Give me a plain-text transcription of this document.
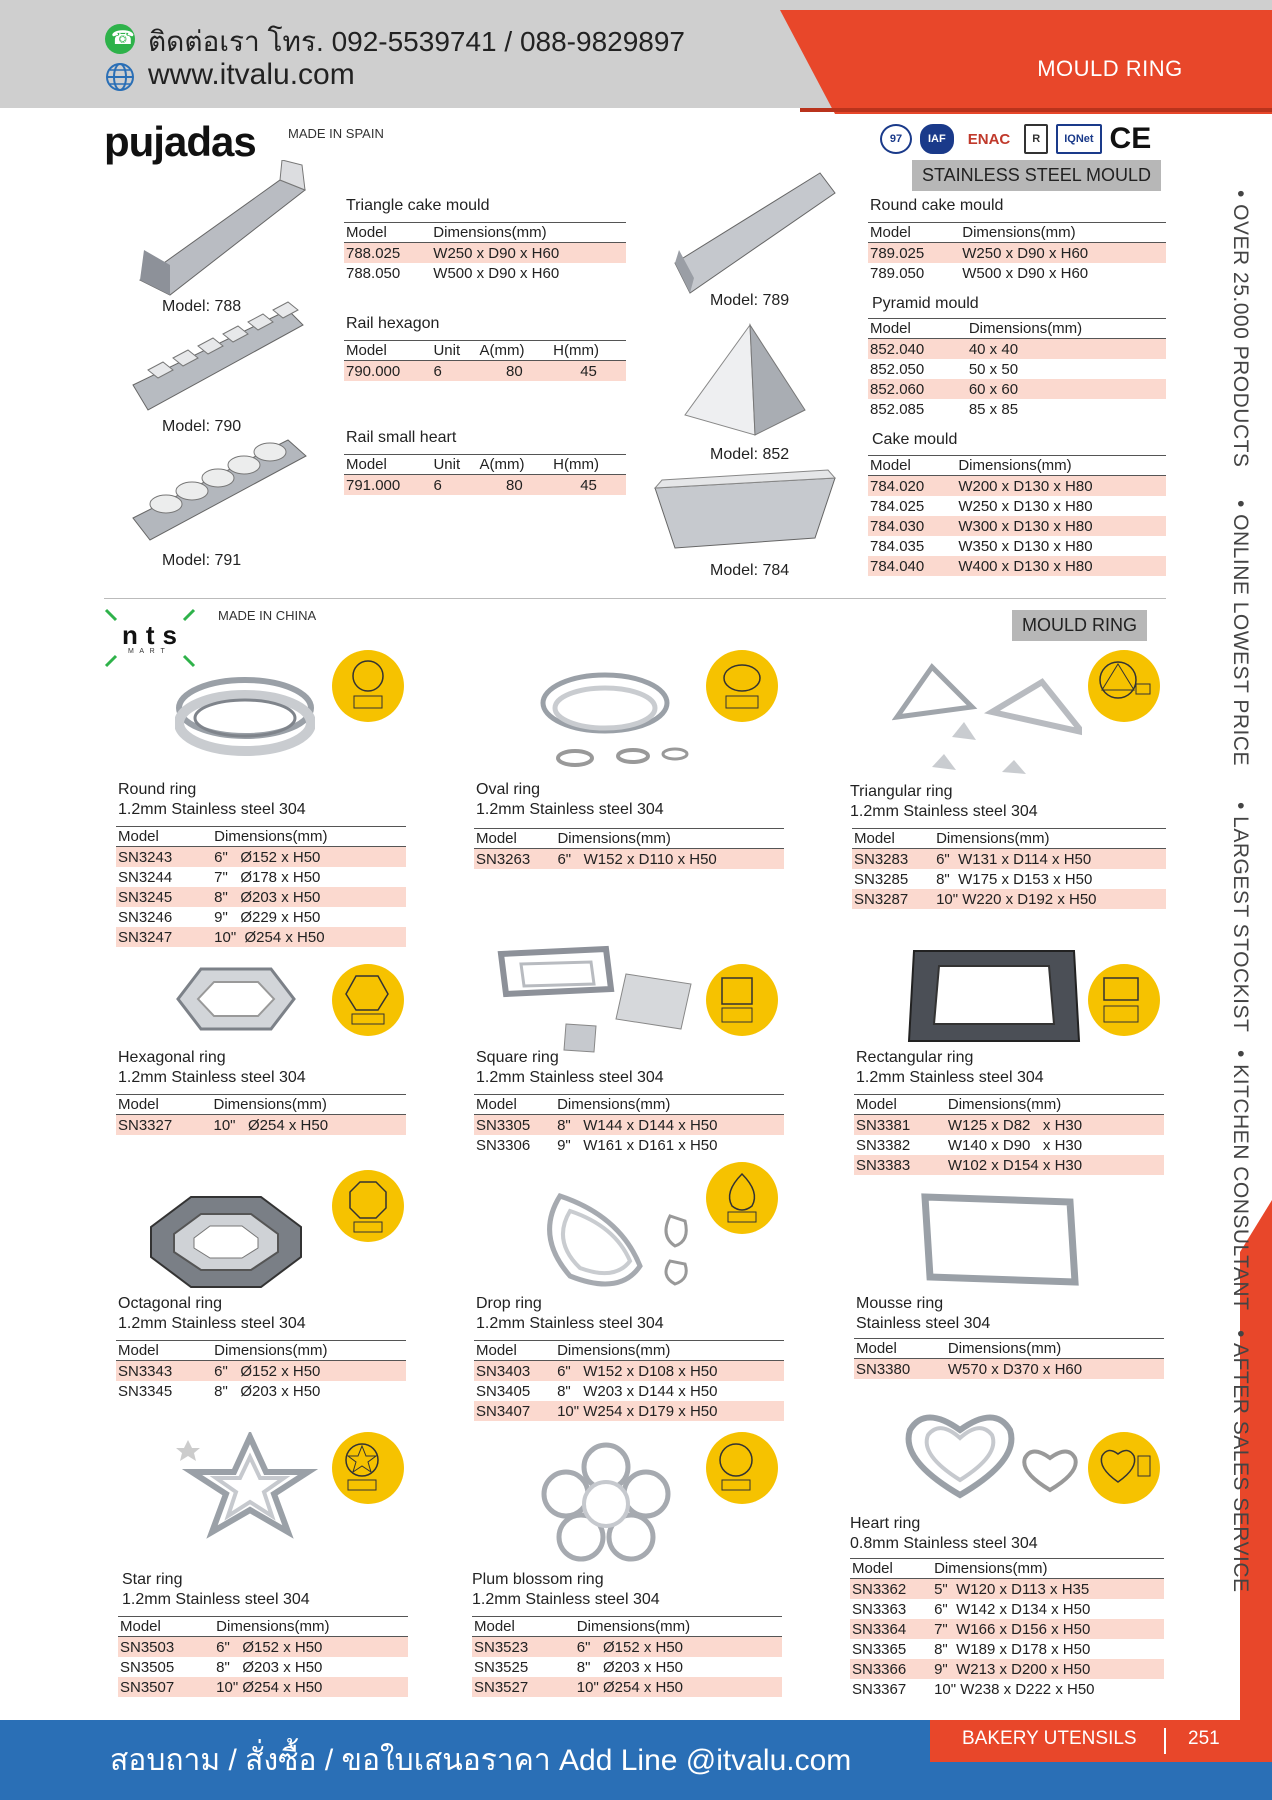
☎
ติดต่อเรา โทร. 092-5539741 / 088-9829897
www.itvalu.com	MOULD RING
• OVER 25.000 PRODUCTS
• ONLINE LOWEST PRICE
• LARGEST STOCKIST
• KITCHEN CONSULTANT
• AFTER SALES SERVICE
pujadas MADE IN SPAIN	97	IAF	ENAC	R	IQNet CE
STAINLESS STEEL MOULD
Model: 788
Model: 790
Model: 791
Model: 789
Model: 852
Model: 784
Triangle cake mould
Model	Dimensions(mm)
788.025	W250 x D90 x H60
788.050	W500 x D90 x H60
Rail hexagon
Model	Unit	A(mm)	H(mm)
790.000	6	80	45
Rail small heart
Model	Unit	A(mm)	H(mm)
791.000	6	80	45
Round cake mould
Model	Dimensions(mm)
789.025	W250 x D90 x H60
789.050	W500 x D90 x H60
Pyramid mould
Model	Dimensions(mm)
852.040	40 x 40
852.050	50 x 50
852.060	60 x 60
852.085	85 x 85
Cake mould
Model	Dimensions(mm)
784.020	W200 x D130 x H80
784.025	W250 x D130 x H80
784.030	W300 x D130 x H80
784.035	W350 x D130 x H80
784.040	W400 x D130 x H80
nts
M A R T
MADE IN CHINA	MOULD RING
Round ring
1.2mm Stainless steel 304
Model	Dimensions(mm)
SN3243	6"   Ø152 x H50
SN3244	7"   Ø178 x H50
SN3245	8"   Ø203 x H50
SN3246	9"   Ø229 x H50
SN3247	10"  Ø254 x H50
Oval ring
1.2mm Stainless steel 304
Model	Dimensions(mm)
SN3263	6"   W152 x D110 x H50
Triangular ring
1.2mm Stainless steel 304
Model	Dimensions(mm)
SN3283	6"  W131 x D114 x H50
SN3285	8"  W175 x D153 x H50
SN3287	10" W220 x D192 x H50
Hexagonal ring
1.2mm Stainless steel 304
Model	Dimensions(mm)
SN3327	10"   Ø254 x H50
Square ring
1.2mm Stainless steel 304
Model	Dimensions(mm)
SN3305	8"   W144 x D144 x H50
SN3306	9"   W161 x D161 x H50
Rectangular ring
1.2mm Stainless steel 304
Model	Dimensions(mm)
SN3381	W125 x D82   x H30
SN3382	W140 x D90   x H30
SN3383	W102 x D154 x H30
Octagonal ring
1.2mm Stainless steel 304
Model	Dimensions(mm)
SN3343	6"   Ø152 x H50
SN3345	8"   Ø203 x H50
Drop ring
1.2mm Stainless steel 304
Model	Dimensions(mm)
SN3403	6"   W152 x D108 x H50
SN3405	8"   W203 x D144 x H50
SN3407	10" W254 x D179 x H50
Mousse ring
Stainless steel 304
Model	Dimensions(mm)
SN3380	W570 x D370 x H60
Star ring
1.2mm Stainless steel 304
Model	Dimensions(mm)
SN3503	6"   Ø152 x H50
SN3505	8"   Ø203 x H50
SN3507	10" Ø254 x H50
Plum blossom ring
1.2mm Stainless steel 304
Model	Dimensions(mm)
SN3523	6"   Ø152 x H50
SN3525	8"   Ø203 x H50
SN3527	10" Ø254 x H50
Heart ring
0.8mm Stainless steel 304
Model	Dimensions(mm)
SN3362	5"  W120 x D113 x H35
SN3363	6"  W142 x D134 x H50
SN3364	7"  W166 x D156 x H50
SN3365	8"  W189 x D178 x H50
SN3366	9"  W213 x D200 x H50
SN3367	10" W238 x D222 x H50
สอบถาม / สั่งซื้อ / ขอใบเสนอราคา Add Line @itvalu.com
BAKERY UTENSILS	251
